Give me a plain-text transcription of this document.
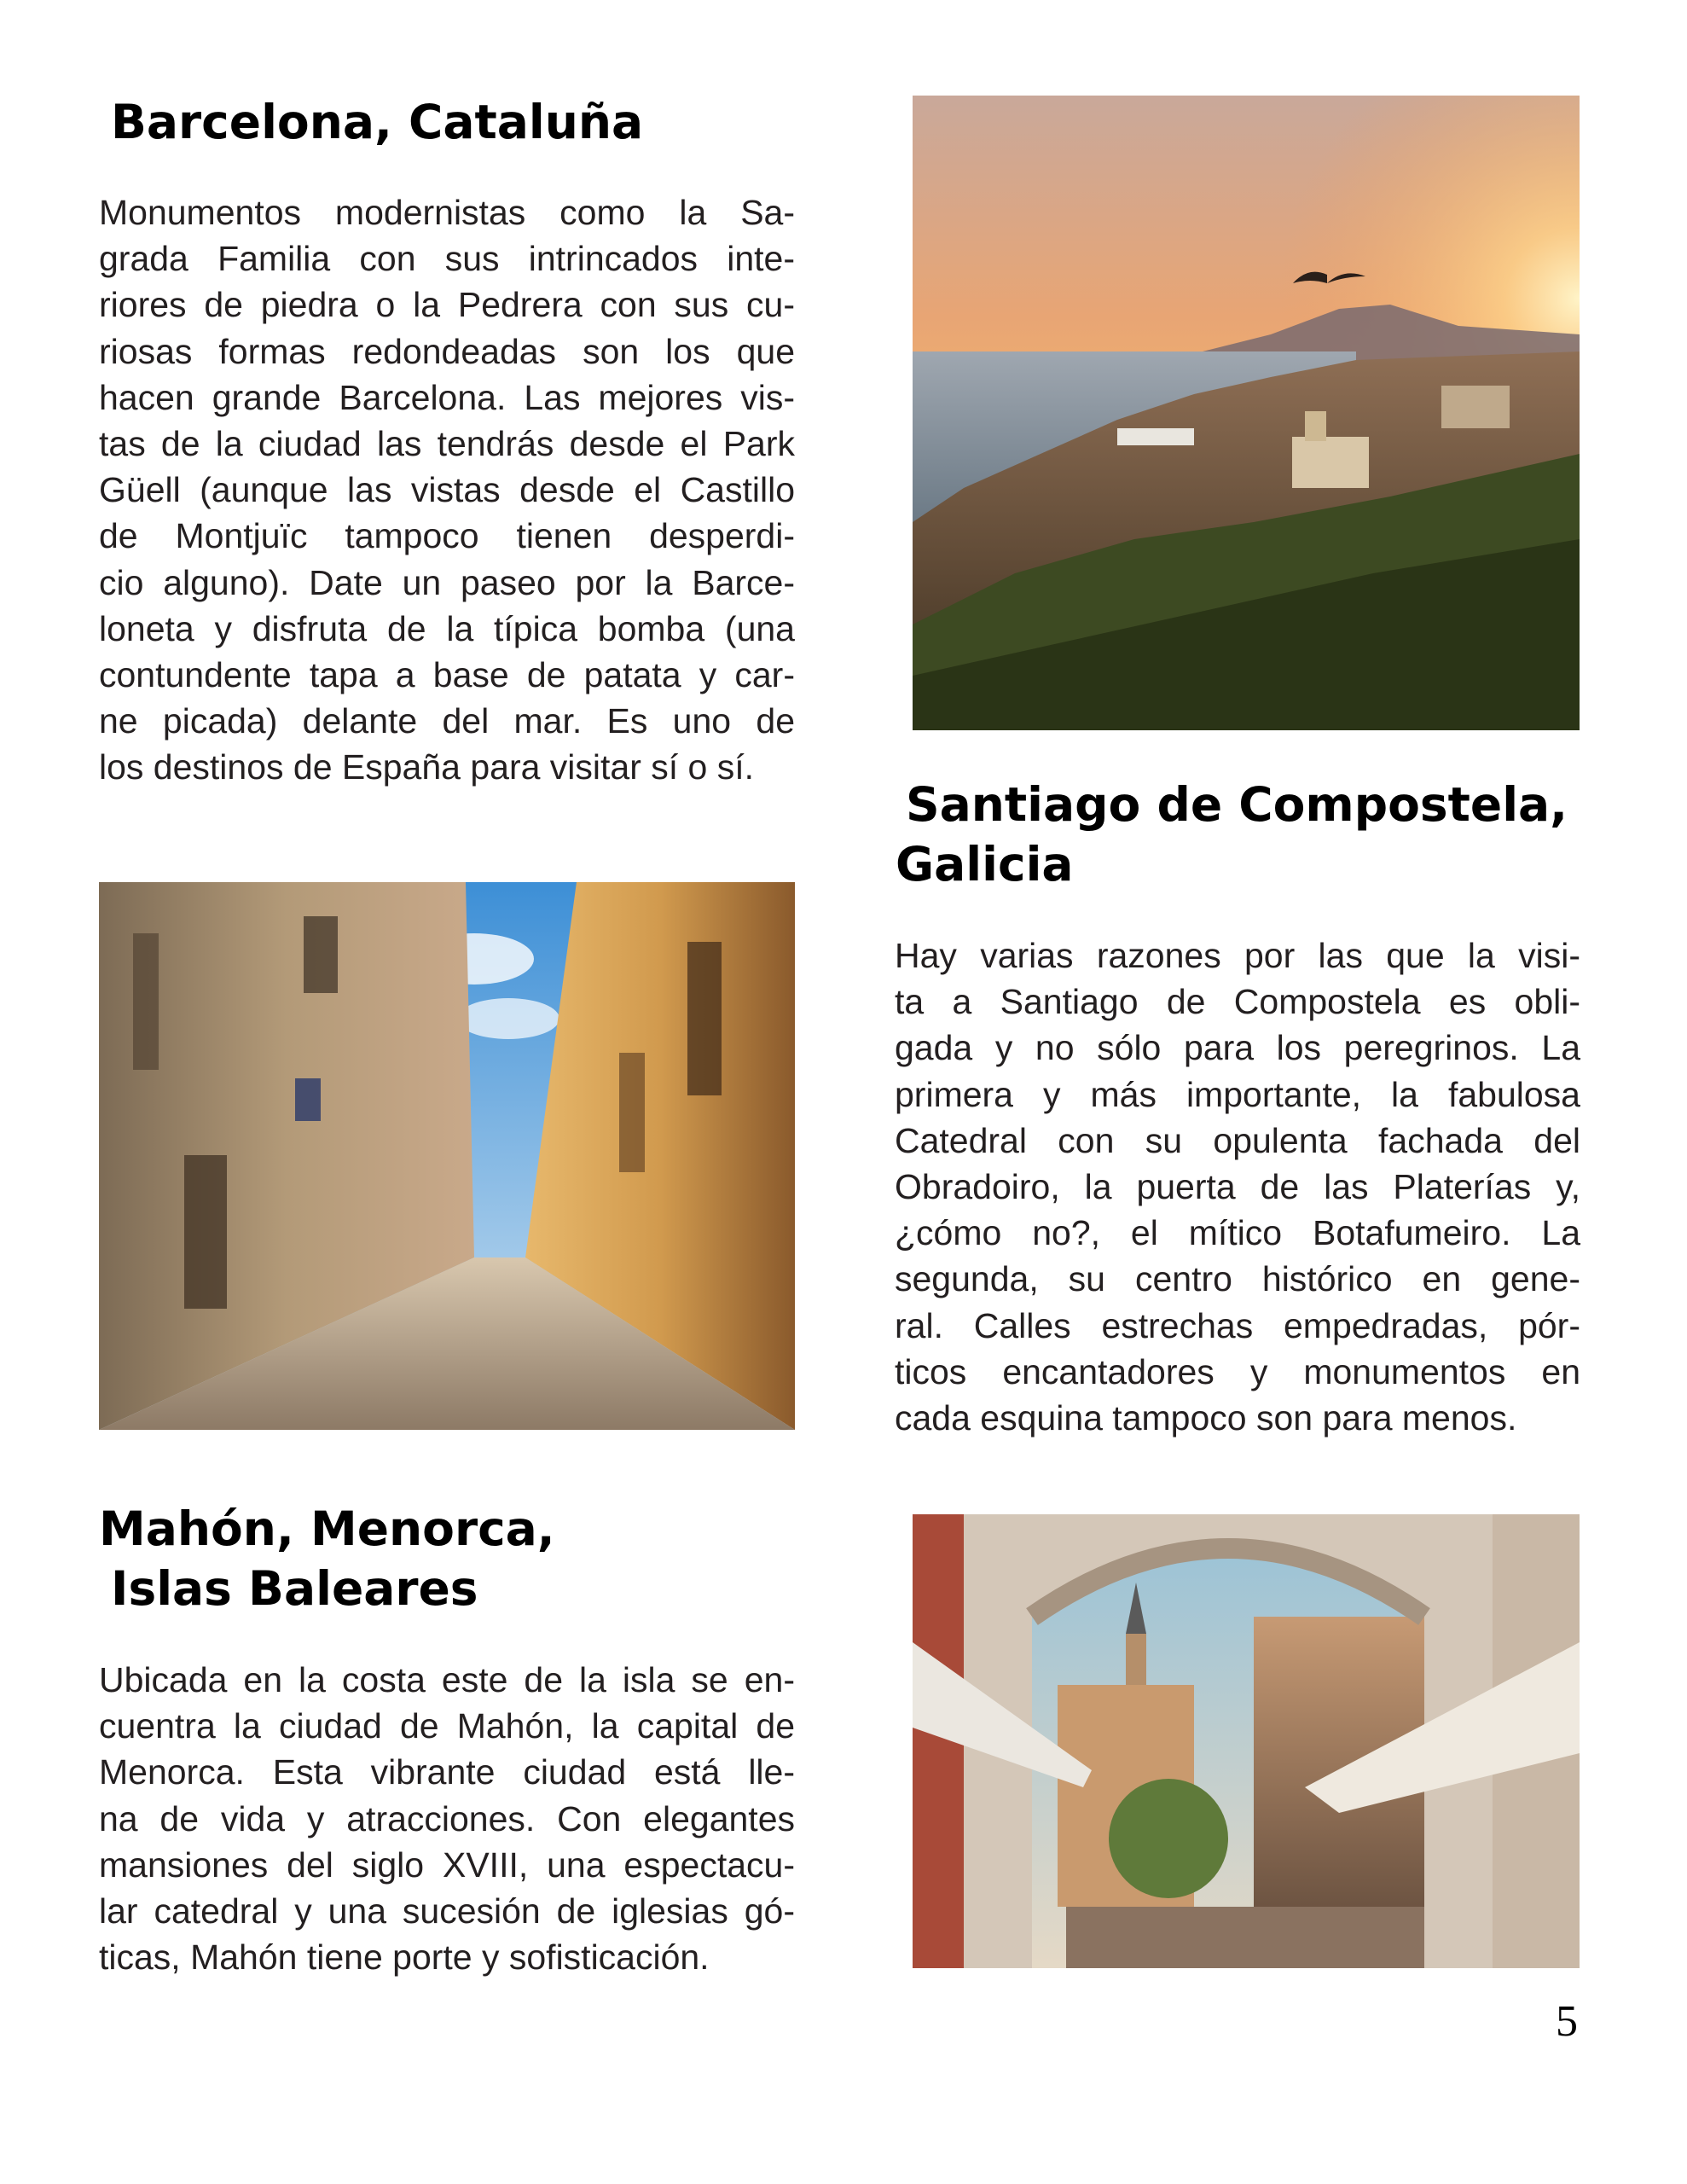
Barcelona, Cataluña
Monumentos modernistas como la Sa-
grada Familia con sus intrincados inte-
riores de piedra o la Pedrera con sus cu-
riosas formas redondeadas son los que
hacen grande Barcelona. Las mejores vis-
tas de la ciudad las tendrás desde el Park
Güell (aunque las vistas desde el Castillo
de Montjuïc tampoco tienen desperdi-
cio alguno). Date un paseo por la Barce-
loneta y disfruta de la típica bomba (una
contundente tapa a base de patata y car-
ne picada) delante del mar. Es uno de
los destinos de España para visitar sí o sí.
Santiago de Compostela,
Galicia
Hay varias razones por las que la visi-
ta a Santiago de Compostela es obli-
gada y no sólo para los peregrinos. La
primera y más importante, la fabulosa
Catedral con su opulenta fachada del
Obradoiro, la puerta de las Platerías y,
¿cómo no?, el mítico Botafumeiro. La
segunda, su centro histórico en gene-
ral. Calles estrechas empedradas, pór-
ticos encantadores y monumentos en
cada esquina tampoco son para menos.
Mahón, Menorca,
Islas Baleares
Ubicada en la costa este de la isla se en-
cuentra la ciudad de Mahón, la capital de
Menorca. Esta vibrante ciudad está lle-
na de vida y atracciones. Con elegantes
mansiones del siglo XVIII, una espectacu-
lar catedral y una sucesión de iglesias gó-
ticas, Mahón tiene porte y sofisticación.
5
